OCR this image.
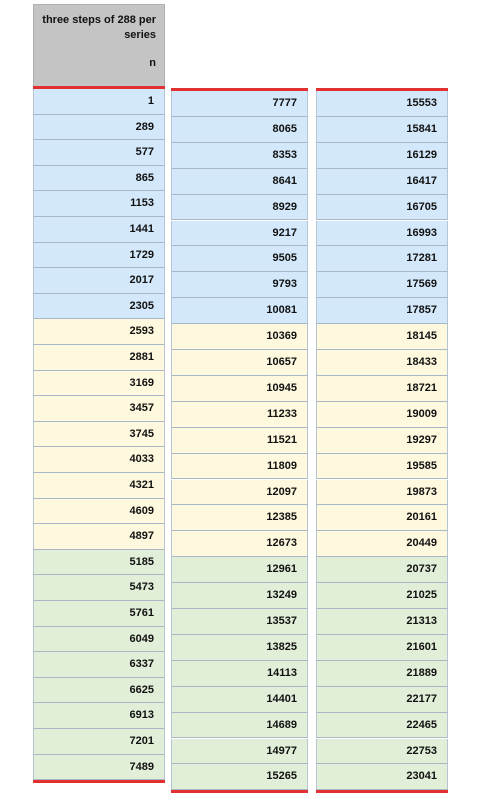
three steps of 288 per series
n
1
289
577
865
1153
1441
1729
2017
2305
2593
2881
3169
3457
3745
4033
4321
4609
4897
5185
5473
5761
6049
6337
6625
6913
7201
7489
7777
8065
8353
8641
8929
9217
9505
9793
10081
10369
10657
10945
11233
11521
11809
12097
12385
12673
12961
13249
13537
13825
14113
14401
14689
14977
15265
15553
15841
16129
16417
16705
16993
17281
17569
17857
18145
18433
18721
19009
19297
19585
19873
20161
20449
20737
21025
21313
21601
21889
22177
22465
22753
23041
